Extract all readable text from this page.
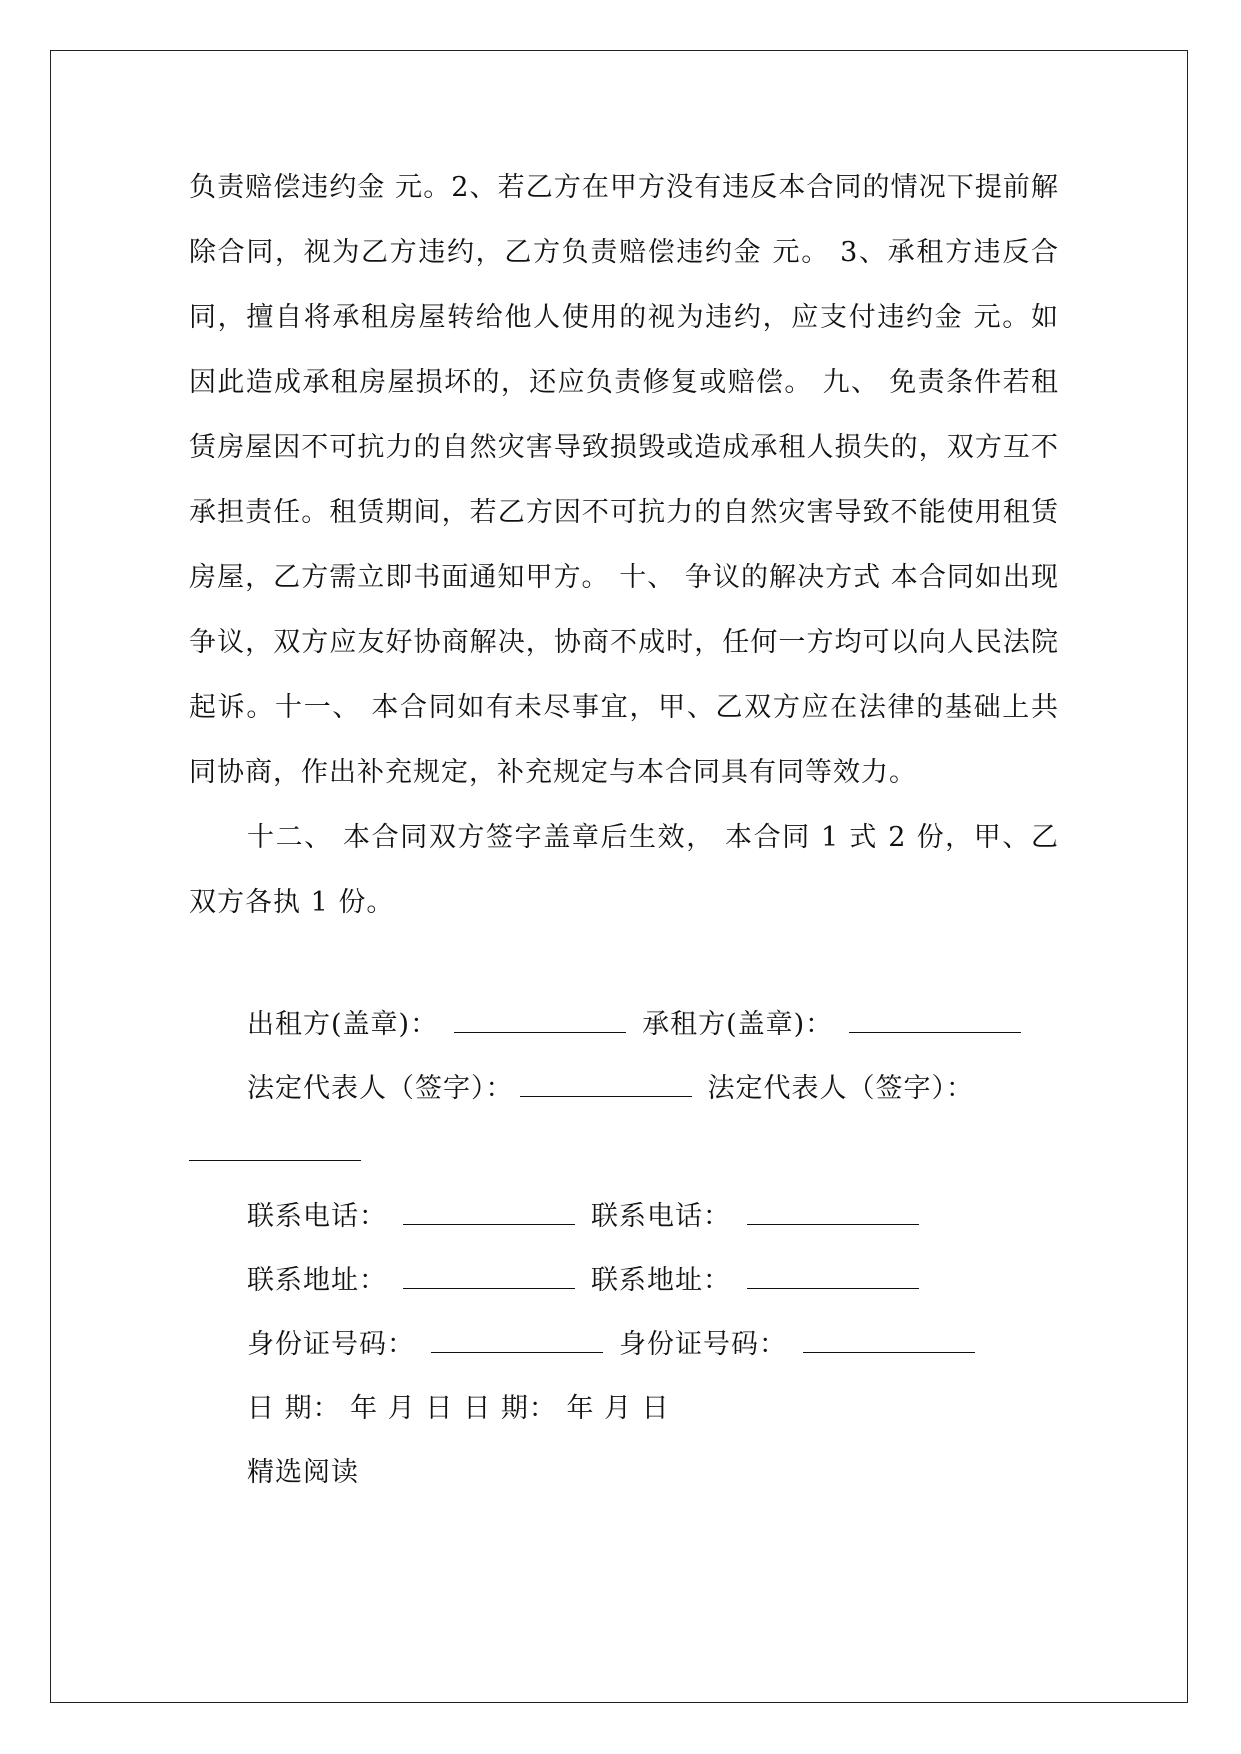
负责赔偿违约金 元。2、若乙方在甲方没有违反本合同的情况下提前解除合同，视为乙方违约，乙方负责赔偿违约金 元。 3、承租方违反合同，擅自将承租房屋转给他人使用的视为违约，应支付违约金 元。如因此造成承租房屋损坏的，还应负责修复或赔偿。 九、 免责条件若租赁房屋因不可抗力的自然灾害导致损毁或造成承租人损失的，双方互不承担责任。租赁期间，若乙方因不可抗力的自然灾害导致不能使用租赁房屋，乙方需立即书面通知甲方。 十、 争议的解决方式 本合同如出现争议，双方应友好协商解决，协商不成时，任何一方均可以向人民法院起诉。十一、 本合同如有未尽事宜，甲、乙双方应在法律的基础上共同协商，作出补充规定，补充规定与本合同具有同等效力。

十二、 本合同双方签字盖章后生效， 本合同 1 式 2 份，甲、乙双方各执 1 份。

出租方(盖章)：	承租方(盖章)：

法定代表人（签字）：	法定代表人（签字）：

联系电话：	联系电话：

联系地址：	联系地址：

身份证号码：	身份证号码：

日 期： 年 月 日 日 期： 年 月 日

精选阅读
